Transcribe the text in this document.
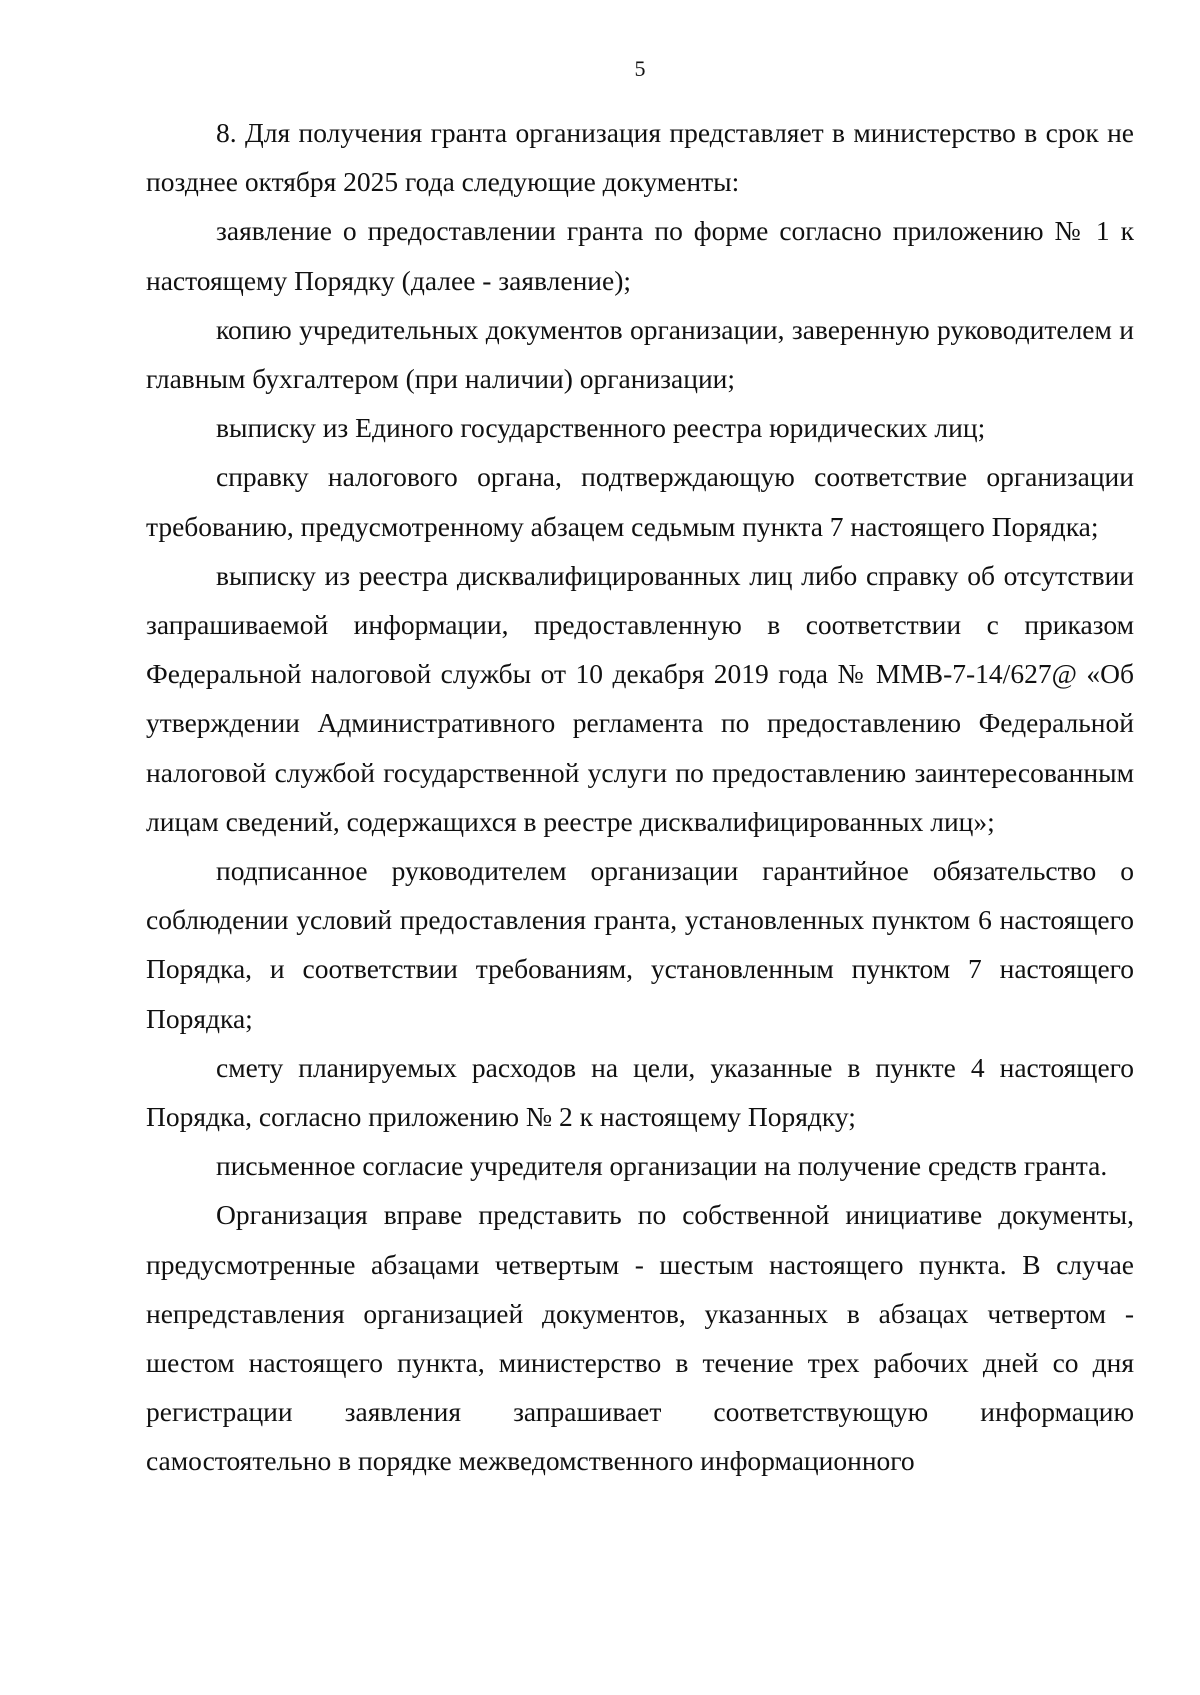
5

8. Для получения гранта организация представляет в министерство в срок не позднее октября 2025 года следующие документы:

заявление о предоставлении гранта по форме согласно приложению № 1 к настоящему Порядку (далее - заявление);

копию учредительных документов организации, заверенную руководителем и главным бухгалтером (при наличии) организации;

выписку из Единого государственного реестра юридических лиц;

справку налогового органа, подтверждающую соответствие организации требованию, предусмотренному абзацем седьмым пункта 7 настоящего Порядка;

выписку из реестра дисквалифицированных лиц либо справку об отсутствии запрашиваемой информации, предоставленную в соответствии с приказом Федеральной налоговой службы от 10 декабря 2019 года № ММВ-7-14/627@ «Об утверждении Административного регламента по предоставлению Федеральной налоговой службой государственной услуги по предоставлению заинтересованным лицам сведений, содержащихся в реестре дисквалифицированных лиц»;

подписанное руководителем организации гарантийное обязательство о соблюдении условий предоставления гранта, установленных пунктом 6 настоящего Порядка, и соответствии требованиям, установленным пунктом 7 настоящего Порядка;

смету планируемых расходов на цели, указанные в пункте 4 настоящего Порядка, согласно приложению № 2 к настоящему Порядку;

письменное согласие учредителя организации на получение средств гранта.

Организация вправе представить по собственной инициативе документы, предусмотренные абзацами четвертым - шестым настоящего пункта. В случае непредставления организацией документов, указанных в абзацах четвертом - шестом настоящего пункта, министерство в течение трех рабочих дней со дня регистрации заявления запрашивает соответствующую информацию самостоятельно в порядке межведомственного информационного
